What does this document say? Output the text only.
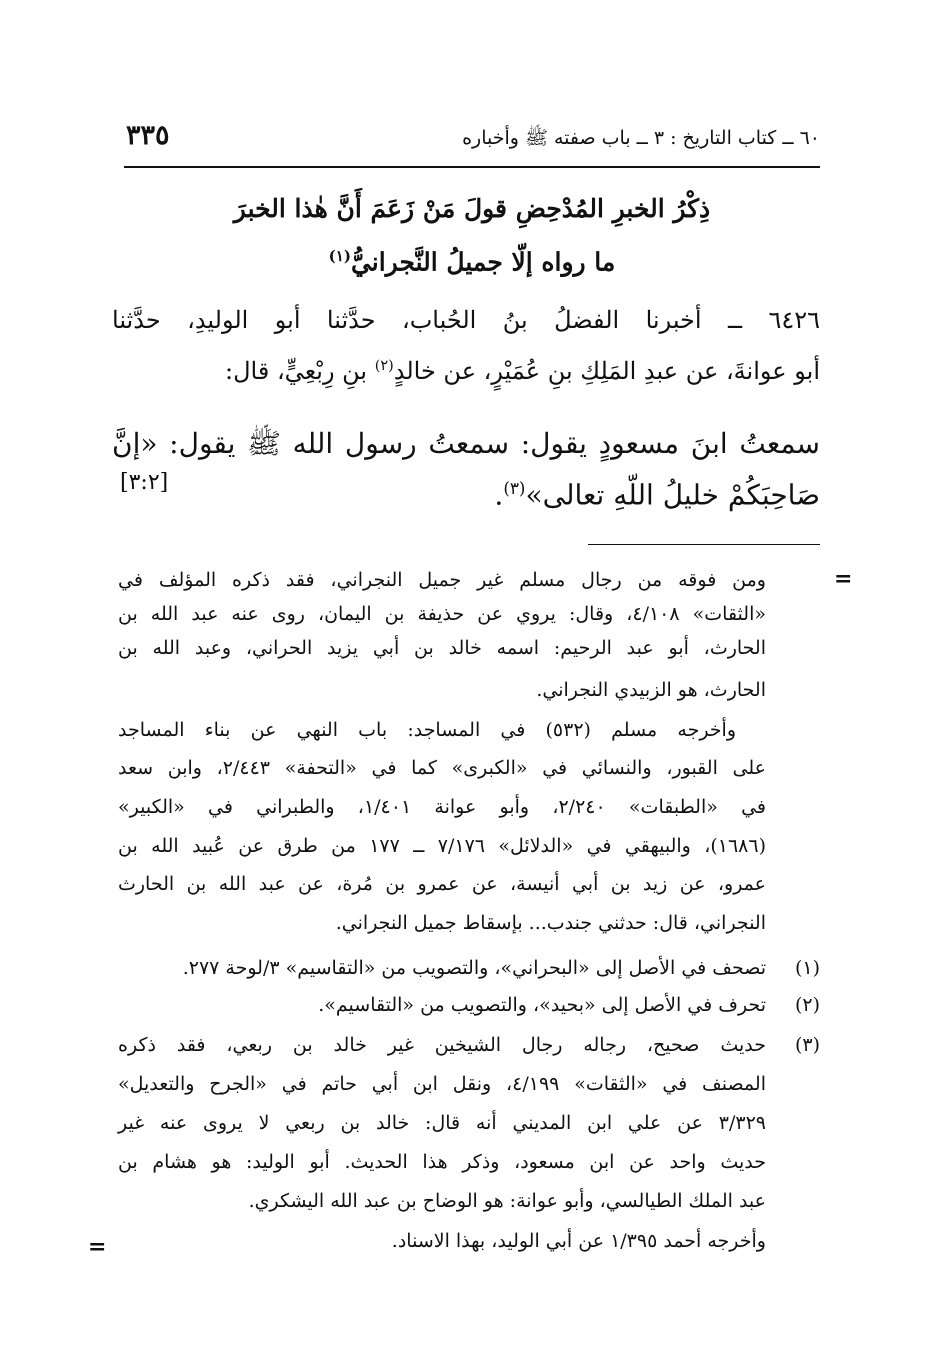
٦٠ ــ كتاب التاريخ : ٣ ــ باب صفته ﷺ وأخباره
٣٣٥
ذِكْرُ الخبرِ المُدْحِضِ قولَ مَنْ زَعَمَ أَنَّ هٰذا الخبرَ
ما رواه إلّا جميلُ النَّجرانيُّ$^{(١)}$
٦٤٢٦ ــ أخبرنا الفضلُ بنُ الحُباب، حدَّثنا أبو الوليدِ، حدَّثنا
أبو عوانةَ، عن عبدِ المَلِكِ بنِ عُمَيْرٍ، عن خالدٍ$^{(٢)}$ بنِ رِبْعِيٍّ، قال:
سمعتُ ابنَ مسعودٍ يقول: سمعتُ رسول الله ﷺ يقول: «إنَّ
صَاحِبَكُمْ خليلُ اللّهِ تعالى»$^{(٣)}$.
[٣:٢]
=
ومن فوقه من رجال مسلم غير جميل النجراني، فقد ذكره المؤلف في
«الثقات» ٤/١٠٨، وقال: يروي عن حذيفة بن اليمان، روى عنه عبد الله بن
الحارث، أبو عبد الرحيم: اسمه خالد بن أبي يزيد الحراني، وعبد الله بن
الحارث، هو الزبيدي النجراني.
وأخرجه مسلم (٥٣٢) في المساجد: باب النهي عن بناء المساجد
على القبور، والنسائي في «الكبرى» كما في «التحفة» ٢/٤٤٣، وابن سعد
في «الطبقات» ٢/٢٤٠، وأبو عوانة ١/٤٠١، والطبراني في «الكبير»
(١٦٨٦)، والبيهقي في «الدلائل» ٧/١٧٦ ــ ١٧٧ من طرق عن عُبيد الله بن
عمرو، عن زيد بن أبي أنيسة، عن عمرو بن مُرة، عن عبد الله بن الحارث
النجراني، قال: حدثني جندب... بإسقاط جميل النجراني.
(١)
تصحف في الأصل إلى «البحراني»، والتصويب من «التقاسيم» ٣/لوحة ٢٧٧.
(٢)
تحرف في الأصل إلى «بحيد»، والتصويب من «التقاسيم».
(٣)
حديث صحيح، رجاله رجال الشيخين غير خالد بن ربعي، فقد ذكره
المصنف في «الثقات» ٤/١٩٩، ونقل ابن أبي حاتم في «الجرح والتعديل»
٣/٣٢٩ عن علي ابن المديني أنه قال: خالد بن ربعي لا يروى عنه غير
حديث واحد عن ابن مسعود، وذكر هذا الحديث. أبو الوليد: هو هشام بن
عبد الملك الطيالسي، وأبو عوانة: هو الوضاح بن عبد الله اليشكري.
وأخرجه أحمد ١/٣٩٥ عن أبي الوليد، بهذا الاسناد.
=
